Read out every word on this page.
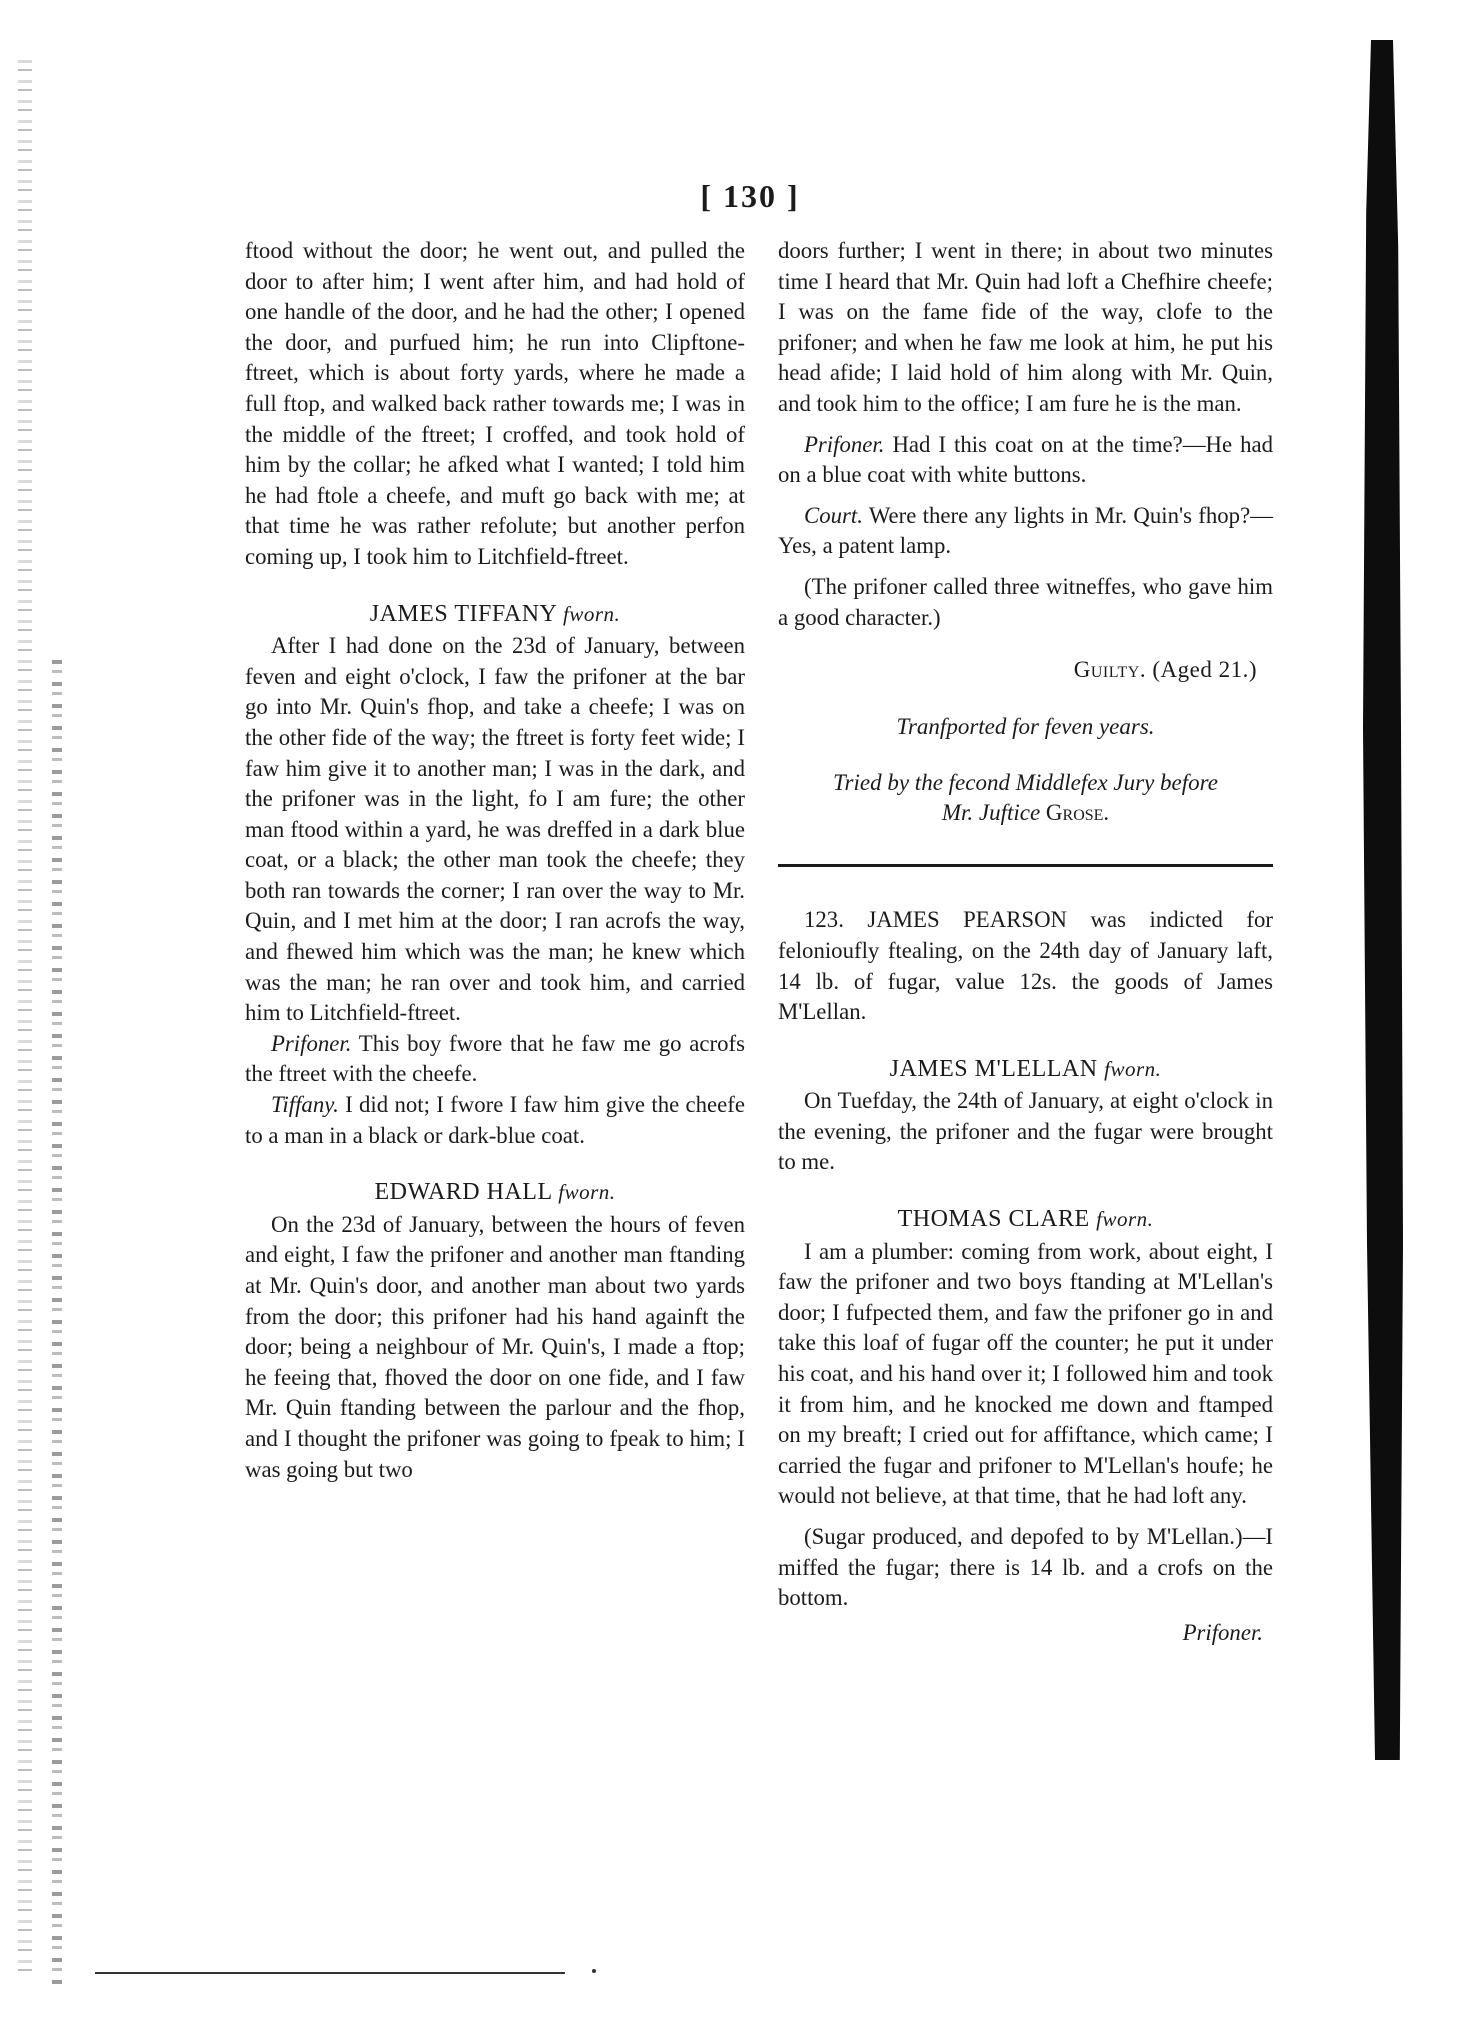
[ 130 ]

ftood without the door; he went out, and pulled the door to after him; I went after him, and had hold of one handle of the door, and he had the other; I opened the door, and purfued him; he run into Clipftone-ftreet, which is about forty yards, where he made a full ftop, and walked back rather towards me; I was in the middle of the ftreet; I croffed, and took hold of him by the collar; he afked what I wanted; I told him he had ftole a cheefe, and muft go back with me; at that time he was rather refolute; but another perfon coming up, I took him to Litchfield-ftreet.

JAMES TIFFANY fworn.

After I had done on the 23d of January, between feven and eight o'clock, I faw the prifoner at the bar go into Mr. Quin's fhop, and take a cheefe; I was on the other fide of the way; the ftreet is forty feet wide; I faw him give it to another man; I was in the dark, and the prifoner was in the light, fo I am fure; the other man ftood within a yard, he was dreffed in a dark blue coat, or a black; the other man took the cheefe; they both ran towards the corner; I ran over the way to Mr. Quin, and I met him at the door; I ran acrofs the way, and fhewed him which was the man; he knew which was the man; he ran over and took him, and carried him to Litchfield-ftreet.

Prifoner. This boy fwore that he faw me go acrofs the ftreet with the cheefe.

Tiffany. I did not; I fwore I faw him give the cheefe to a man in a black or dark-blue coat.

EDWARD HALL fworn.

On the 23d of January, between the hours of feven and eight, I faw the prifoner and another man ftanding at Mr. Quin's door, and another man about two yards from the door; this prifoner had his hand againft the door; being a neighbour of Mr. Quin's, I made a ftop; he feeing that, fhoved the door on one fide, and I faw Mr. Quin ftanding between the parlour and the fhop, and I thought the prifoner was going to fpeak to him; I was going but two

doors further; I went in there; in about two minutes time I heard that Mr. Quin had loft a Chefhire cheefe; I was on the fame fide of the way, clofe to the prifoner; and when he faw me look at him, he put his head afide; I laid hold of him along with Mr. Quin, and took him to the office; I am fure he is the man.

Prifoner. Had I this coat on at the time?—He had on a blue coat with white buttons.

Court. Were there any lights in Mr. Quin's fhop?—Yes, a patent lamp.

(The prifoner called three witneffes, who gave him a good character.)

Guilty. (Aged 21.)
Tranfported for feven years.
Tried by the fecond Middlefex Jury before
Mr. Juftice Grose.

123. JAMES PEARSON was indicted for felonioufly ftealing, on the 24th day of January laft, 14 lb. of fugar, value 12s. the goods of James M'Lellan.

JAMES M'LELLAN fworn.

On Tuefday, the 24th of January, at eight o'clock in the evening, the prifoner and the fugar were brought to me.

THOMAS CLARE fworn.

I am a plumber: coming from work, about eight, I faw the prifoner and two boys ftanding at M'Lellan's door; I fufpected them, and faw the prifoner go in and take this loaf of fugar off the counter; he put it under his coat, and his hand over it; I followed him and took it from him, and he knocked me down and ftamped on my breaft; I cried out for affiftance, which came; I carried the fugar and prifoner to M'Lellan's houfe; he would not believe, at that time, that he had loft any.

(Sugar produced, and depofed to by M'Lellan.)—I miffed the fugar; there is 14 lb. and a crofs on the bottom.

Prifoner.
